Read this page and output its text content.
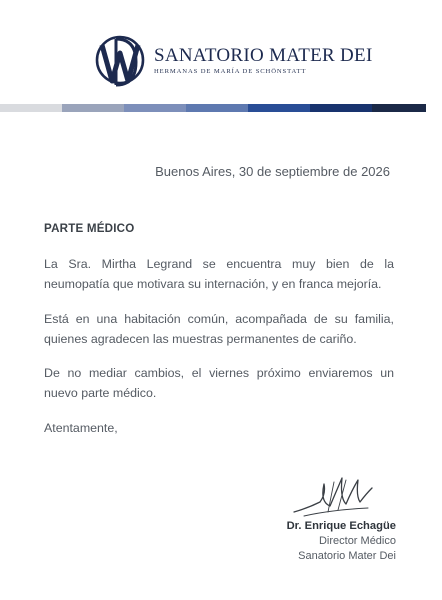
SANATORIO MATER DEI
HERMANAS DE MARÍA DE SCHÖNSTATT
Buenos Aires, 30 de septiembre de 2026
PARTE MÉDICO

La Sra. Mirtha Legrand se encuentra muy bien de la neumopatía que motivara su internación, y en franca mejoría.

Está en una habitación común, acompañada de su familia, quienes agradecen las muestras permanentes de cariño.

De no mediar cambios, el viernes próximo enviaremos un nuevo parte médico.

Atentamente,
Dr. Enrique Echagüe
Director Médico
Sanatorio Mater Dei
